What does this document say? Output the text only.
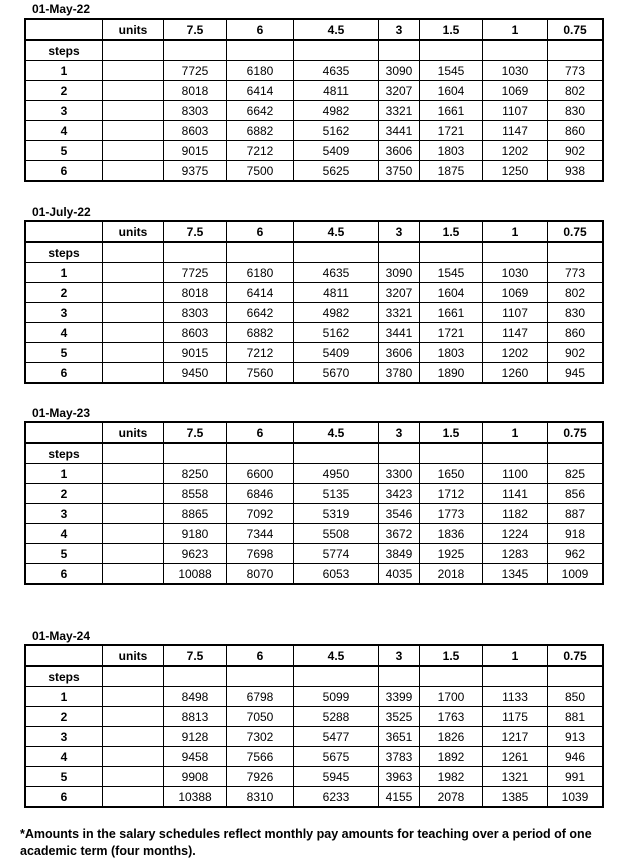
01-May-22
	units	7.5	6	4.5	3	1.5	1	0.75
steps								
1		7725	6180	4635	3090	1545	1030	773
2		8018	6414	4811	3207	1604	1069	802
3		8303	6642	4982	3321	1661	1107	830
4		8603	6882	5162	3441	1721	1147	860
5		9015	7212	5409	3606	1803	1202	902
6		9375	7500	5625	3750	1875	1250	938
01-July-22
	units	7.5	6	4.5	3	1.5	1	0.75
steps								
1		7725	6180	4635	3090	1545	1030	773
2		8018	6414	4811	3207	1604	1069	802
3		8303	6642	4982	3321	1661	1107	830
4		8603	6882	5162	3441	1721	1147	860
5		9015	7212	5409	3606	1803	1202	902
6		9450	7560	5670	3780	1890	1260	945
01-May-23
	units	7.5	6	4.5	3	1.5	1	0.75
steps								
1		8250	6600	4950	3300	1650	1100	825
2		8558	6846	5135	3423	1712	1141	856
3		8865	7092	5319	3546	1773	1182	887
4		9180	7344	5508	3672	1836	1224	918
5		9623	7698	5774	3849	1925	1283	962
6		10088	8070	6053	4035	2018	1345	1009
01-May-24
	units	7.5	6	4.5	3	1.5	1	0.75
steps								
1		8498	6798	5099	3399	1700	1133	850
2		8813	7050	5288	3525	1763	1175	881
3		9128	7302	5477	3651	1826	1217	913
4		9458	7566	5675	3783	1892	1261	946
5		9908	7926	5945	3963	1982	1321	991
6		10388	8310	6233	4155	2078	1385	1039
*Amounts in the salary schedules reflect monthly pay amounts for teaching over a period of one academic term (four months).
